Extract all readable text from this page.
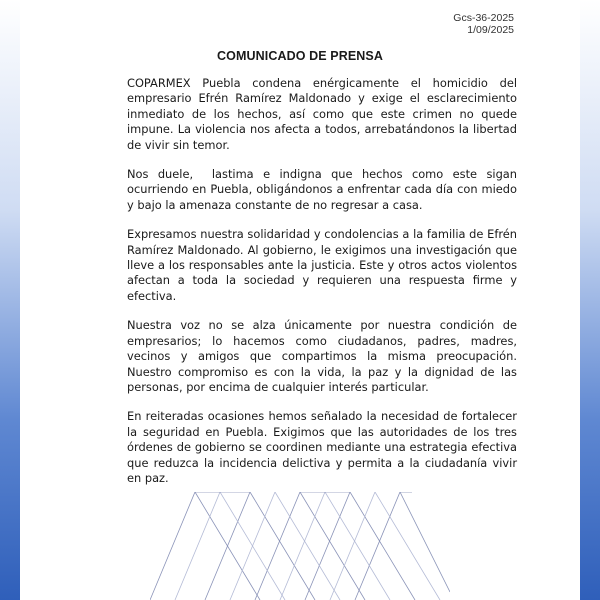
Gcs-36-2025
1/09/2025
COMUNICADO DE PRENSA

COPARMEX Puebla condena enérgicamente el homicidio del empresario Efrén Ramírez Maldonado y exige el esclarecimiento inmediato de los hechos, así como que este crimen no quede impune. La violencia nos afecta a todos, arrebatándonos la libertad de vivir sin temor.

Nos duele,  lastima e indigna que hechos como este sigan ocurriendo en Puebla, obligándonos a enfrentar cada día con miedo y bajo la amenaza constante de no regresar a casa.

Expresamos nuestra solidaridad y condolencias a la familia de Efrén Ramírez Maldonado. Al gobierno, le exigimos una investigación que lleve a los responsables ante la justicia. Este y otros actos violentos afectan a toda la sociedad y requieren una respuesta firme y efectiva.

Nuestra voz no se alza únicamente por nuestra condición de empresarios; lo hacemos como ciudadanos, padres, madres, vecinos y amigos que compartimos la misma preocupación. Nuestro compromiso es con la vida, la paz y la dignidad de las personas, por encima de cualquier interés particular.

En reiteradas ocasiones hemos señalado la necesidad de fortalecer la seguridad en Puebla. Exigimos que las autoridades de los tres órdenes de gobierno se coordinen mediante una estrategia efectiva que reduzca la incidencia delictiva y permita a la ciudadanía vivir en paz.
